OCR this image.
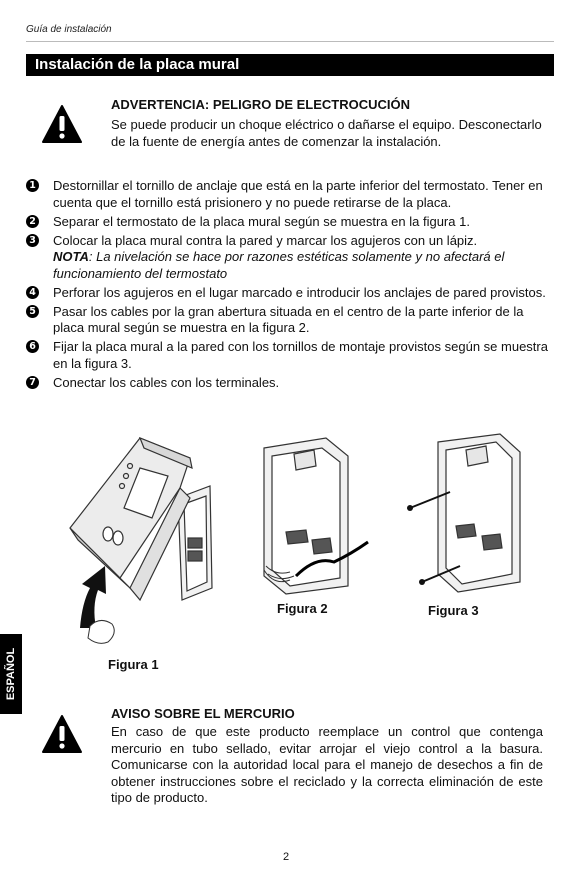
Guía de instalación
Instalación de la placa mural
ADVERTENCIA: PELIGRO DE ELECTROCUCIÓN
Se puede producir un choque eléctrico o dañarse el equipo. Desconectarlo de la fuente de energía antes de comenzar la instalación.
1 Destornillar el tornillo de anclaje que está en la parte inferior del termostato. Tener en cuenta que el tornillo está prisionero y no puede retirarse de la placa.
2 Separar el termostato de la placa mural según se muestra en la figura 1.
3 Colocar la placa mural contra la pared y marcar los agujeros con un lápiz.
NOTA: La nivelación se hace por razones estéticas solamente y no afectará el funcionamiento del termostato
4 Perforar los agujeros en el lugar marcado e introducir los anclajes de pared provistos.
5 Pasar los cables por la gran abertura situada en el centro de la parte inferior de la placa mural según se muestra en la figura 2.
6 Fijar la placa mural a la pared con los tornillos de montaje provistos según se muestra en la figura 3.
7 Conectar los cables con los terminales.
Figura 1
Figura 2	Figura 3
ESPAÑOL
AVISO SOBRE EL MERCURIO
En caso de que este producto reemplace un control que contenga mercurio en tubo sellado, evitar arrojar el viejo control a la basura. Comunicarse con la autoridad local para el manejo de desechos a fin de obtener instrucciones sobre el reciclado y la correcta eliminación de este tipo de producto.
2
